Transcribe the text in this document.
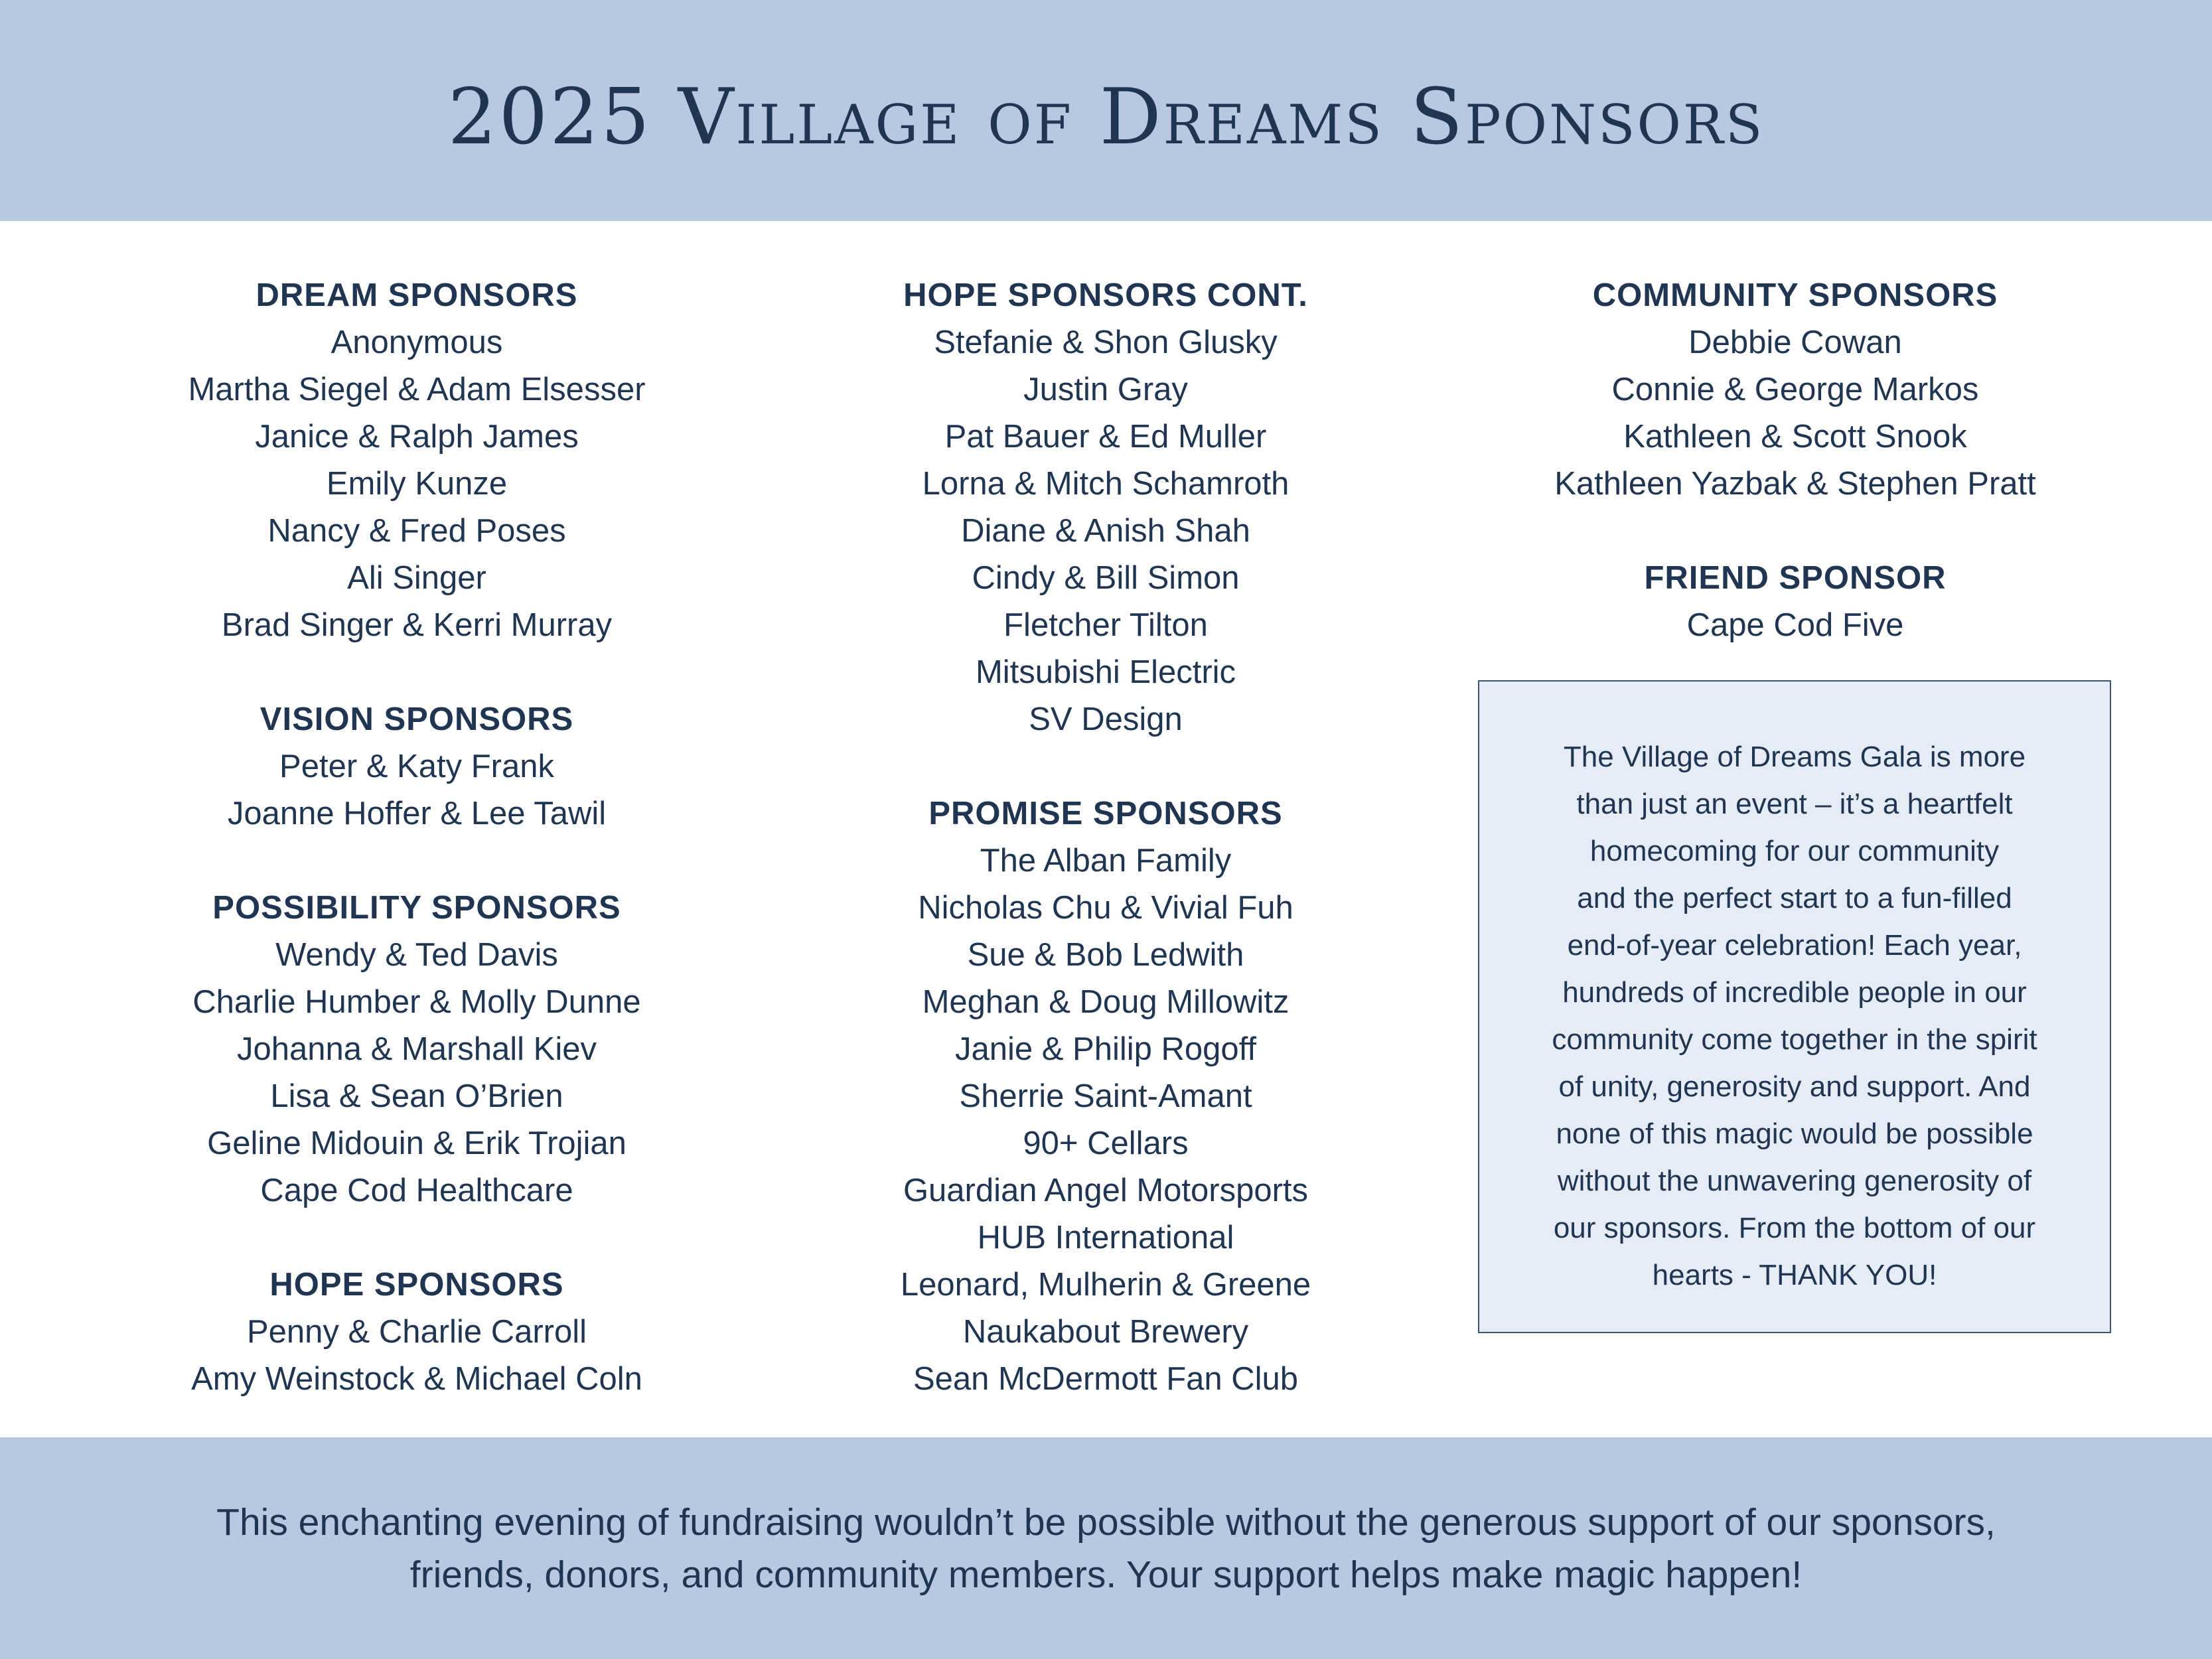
2025 Village of Dreams Sponsors
DREAM SPONSORS
Anonymous
Martha Siegel & Adam Elsesser
Janice & Ralph James
Emily Kunze
Nancy & Fred Poses
Ali Singer
Brad Singer & Kerri Murray
VISION SPONSORS
Peter & Katy Frank
Joanne Hoffer & Lee Tawil
POSSIBILITY SPONSORS
Wendy & Ted Davis
Charlie Humber & Molly Dunne
Johanna & Marshall Kiev
Lisa & Sean O’Brien
Geline Midouin & Erik Trojian
Cape Cod Healthcare
HOPE SPONSORS
Penny & Charlie Carroll
Amy Weinstock & Michael Coln
HOPE SPONSORS CONT.
Stefanie & Shon Glusky
Justin Gray
Pat Bauer & Ed Muller
Lorna & Mitch Schamroth
Diane & Anish Shah
Cindy & Bill Simon
Fletcher Tilton
Mitsubishi Electric
SV Design
PROMISE SPONSORS
The Alban Family
Nicholas Chu & Vivial Fuh
Sue & Bob Ledwith
Meghan & Doug Millowitz
Janie & Philip Rogoff
Sherrie Saint-Amant
90+ Cellars
Guardian Angel Motorsports
HUB International
Leonard, Mulherin & Greene
Naukabout Brewery
Sean McDermott Fan Club
COMMUNITY SPONSORS
Debbie Cowan
Connie & George Markos
Kathleen & Scott Snook
Kathleen Yazbak & Stephen Pratt
FRIEND SPONSOR
Cape Cod Five

The Village of Dreams Gala is more
than just an event – it’s a heartfelt
homecoming for our community
and the perfect start to a fun-filled
end-of-year celebration! Each year,
hundreds of incredible people in our
community come together in the spirit
of unity, generosity and support. And
none of this magic would be possible
without the unwavering generosity of
our sponsors. From the bottom of our
hearts - THANK YOU!

This enchanting evening of fundraising wouldn’t be possible without the generous support of our sponsors,
friends, donors, and community members. Your support helps make magic happen!
